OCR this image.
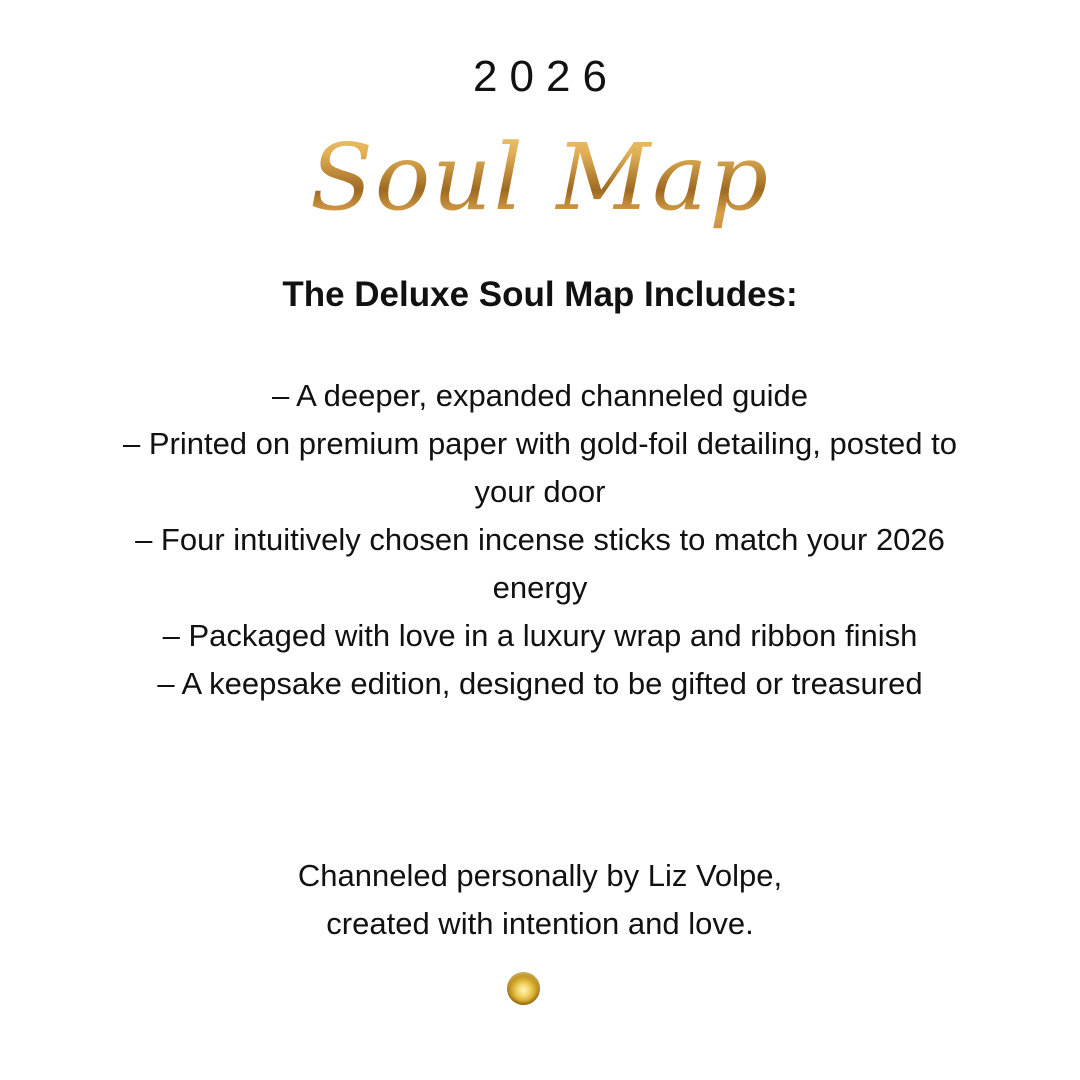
2026
Soul Map
The Deluxe Soul Map Includes:
– A deeper, expanded channeled guide
– Printed on premium paper with gold-foil detailing, posted to your door
– Four intuitively chosen incense sticks to match your 2026 energy
– Packaged with love in a luxury wrap and ribbon finish
– A keepsake edition, designed to be gifted or treasured
Channeled personally by Liz Volpe,
created with intention and love.
